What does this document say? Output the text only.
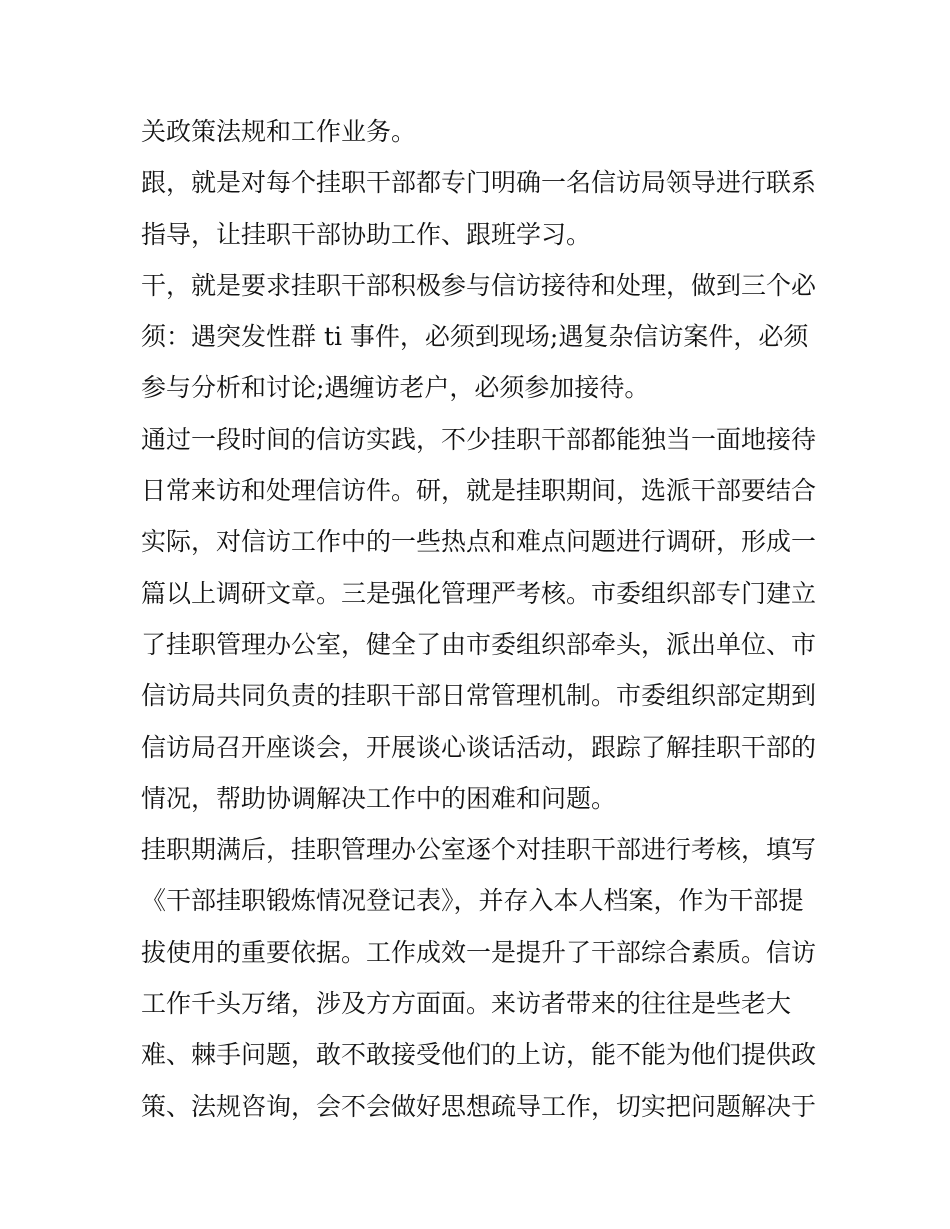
关政策法规和工作业务。
跟，就是对每个挂职干部都专门明确一名信访局领导进行联系
指导，让挂职干部协助工作、跟班学习。
干，就是要求挂职干部积极参与信访接待和处理，做到三个必
须：遇突发性群 ti 事件，必须到现场;遇复杂信访案件，必须
参与分析和讨论;遇缠访老户，必须参加接待。
通过一段时间的信访实践，不少挂职干部都能独当一面地接待
日常来访和处理信访件。研，就是挂职期间，选派干部要结合
实际，对信访工作中的一些热点和难点问题进行调研，形成一
篇以上调研文章。三是强化管理严考核。市委组织部专门建立
了挂职管理办公室，健全了由市委组织部牵头，派出单位、市
信访局共同负责的挂职干部日常管理机制。市委组织部定期到
信访局召开座谈会，开展谈心谈话活动，跟踪了解挂职干部的
情况，帮助协调解决工作中的困难和问题。
挂职期满后，挂职管理办公室逐个对挂职干部进行考核，填写
《干部挂职锻炼情况登记表》，并存入本人档案，作为干部提
拔使用的重要依据。工作成效一是提升了干部综合素质。信访
工作千头万绪，涉及方方面面。来访者带来的往往是些老大
难、棘手问题，敢不敢接受他们的上访，能不能为他们提供政
策、法规咨询，会不会做好思想疏导工作，切实把问题解决于
